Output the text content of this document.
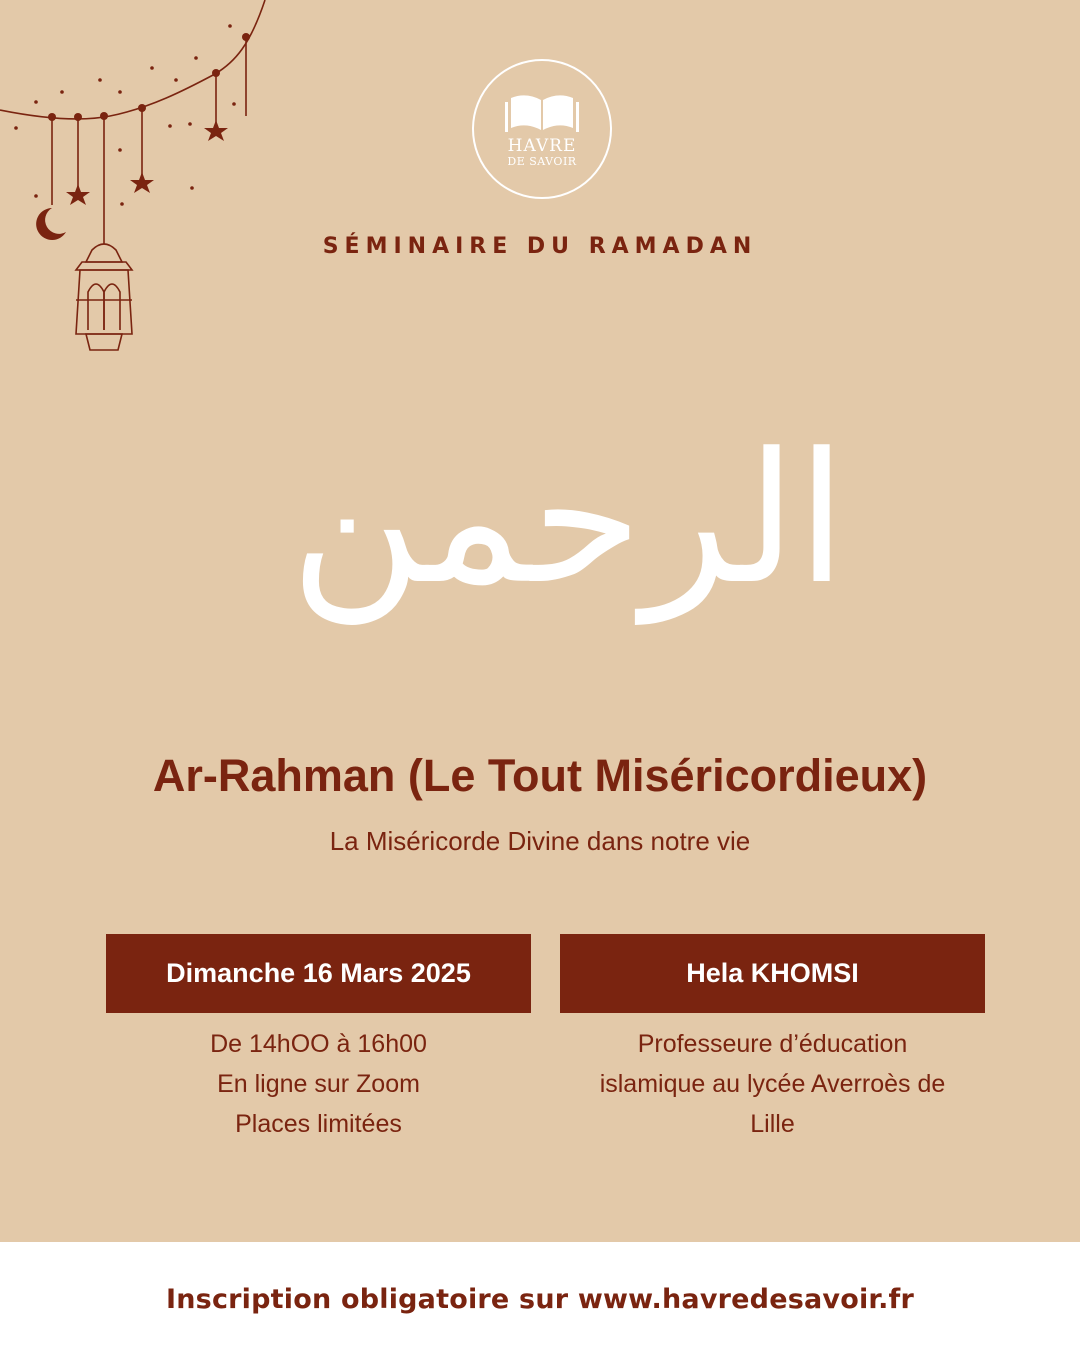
HAVRE
DE SAVOIR
SÉMINAIRE DU RAMADAN
الرحمن
Ar-Rahman (Le Tout Miséricordieux)
La Miséricorde Divine dans notre vie
Dimanche 16 Mars 2025	Hela KHOMSI
De 14hOO à 16h00
En ligne sur Zoom
Places limitées
Professeure d’éducation
islamique au lycée Averroès de
Lille
Inscription obligatoire sur www.havredesavoir.fr
